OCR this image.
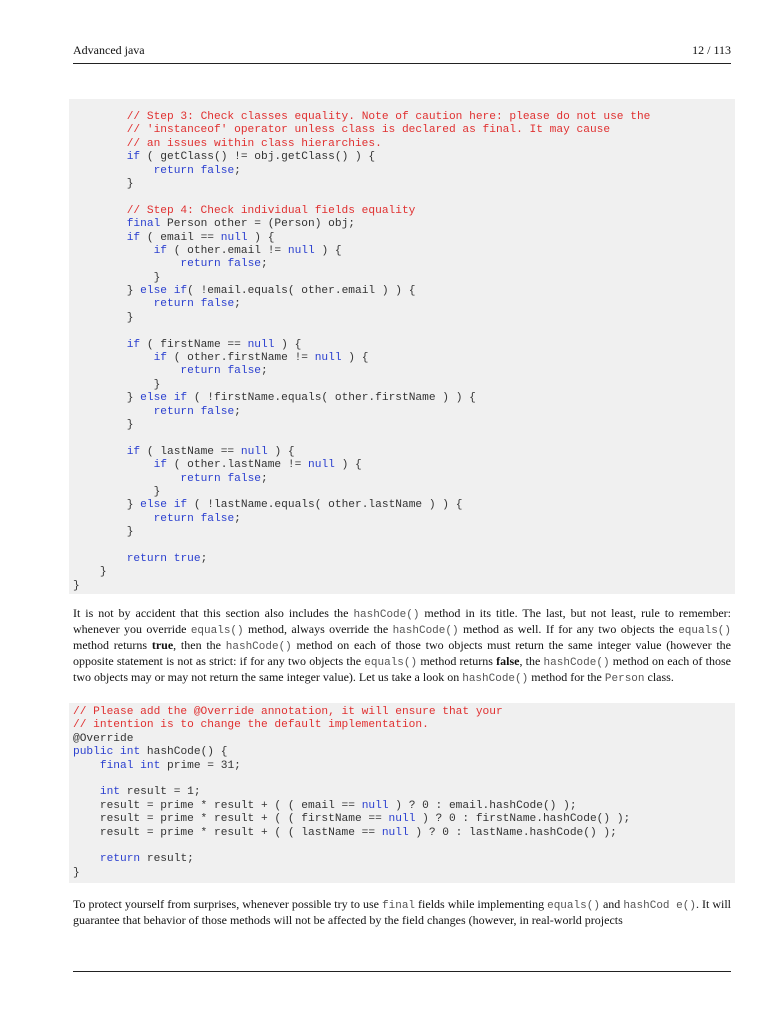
Advanced java	12 / 113
// Step 3: Check classes equality. Note of caution here: please do not use the
// 'instanceof' operator unless class is declared as final. It may cause
// an issues within class hierarchies.
if ( getClass() != obj.getClass() ) {
return false;
}
// Step 4: Check individual fields equality
final Person other = (Person) obj;
if ( email == null ) {
if ( other.email != null ) {
return false;
}
} else if( !email.equals( other.email ) ) {
return false;
}
if ( firstName == null ) {
if ( other.firstName != null ) {
return false;
}
} else if ( !firstName.equals( other.firstName ) ) {
return false;
}
if ( lastName == null ) {
if ( other.lastName != null ) {
return false;
}
} else if ( !lastName.equals( other.lastName ) ) {
return false;
}
return true;
}
}
It is not by accident that this section also includes the hashCode() method in its title. The last, but not least, rule to remember: whenever you override equals() method, always override the hashCode() method as well. If for any two objects the equals() method returns true, then the hashCode() method on each of those two objects must return the same integer value (however the opposite statement is not as strict: if for any two objects the equals() method returns false, the hashCode() method on each of those two objects may or may not return the same integer value). Let us take a look on hashCode() method for the Person class.
// Please add the @Override annotation, it will ensure that your
// intention is to change the default implementation.
@Override
public int hashCode() {
final int prime = 31;
int result = 1;
result = prime * result + ( ( email == null ) ? 0 : email.hashCode() );
result = prime * result + ( ( firstName == null ) ? 0 : firstName.hashCode() );
result = prime * result + ( ( lastName == null ) ? 0 : lastName.hashCode() );
return result;
}
To protect yourself from surprises, whenever possible try to use final fields while implementing equals() and hashCod e(). It will guarantee that behavior of those methods will not be affected by the field changes (however, in real-world projects
